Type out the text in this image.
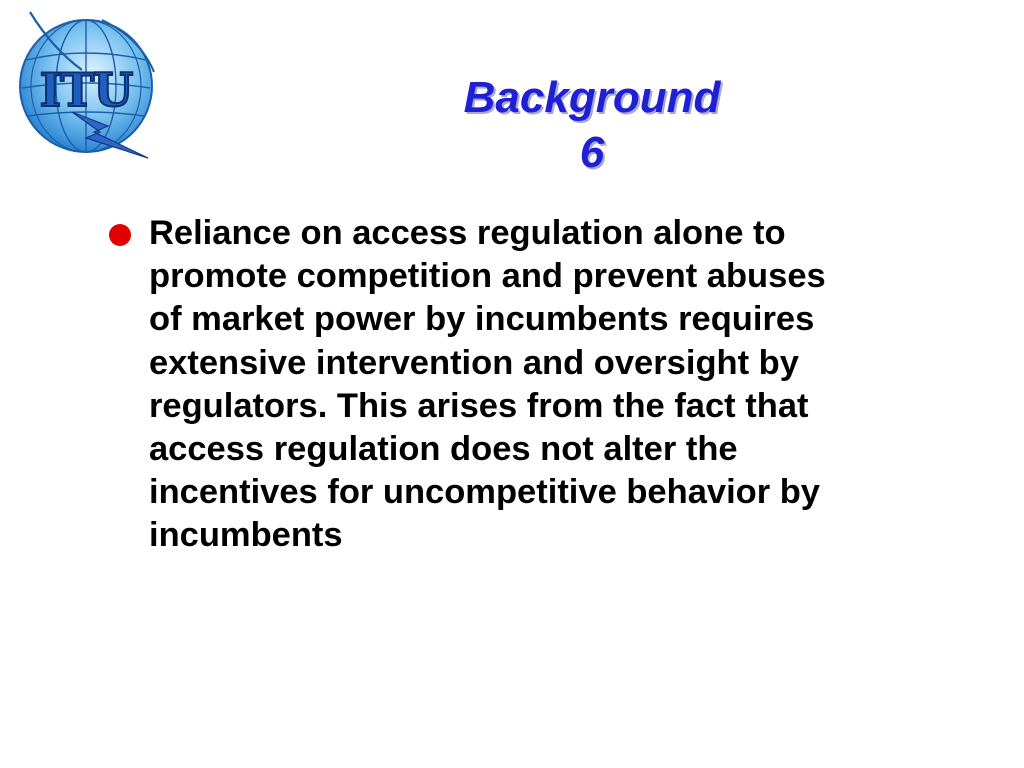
ITU	Background
6
Reliance on access regulation alone to
promote competition and prevent abuses
of market power by incumbents requires
extensive intervention and oversight by
regulators. This arises from the fact that
access regulation does not alter the
incentives for uncompetitive behavior by
incumbents
